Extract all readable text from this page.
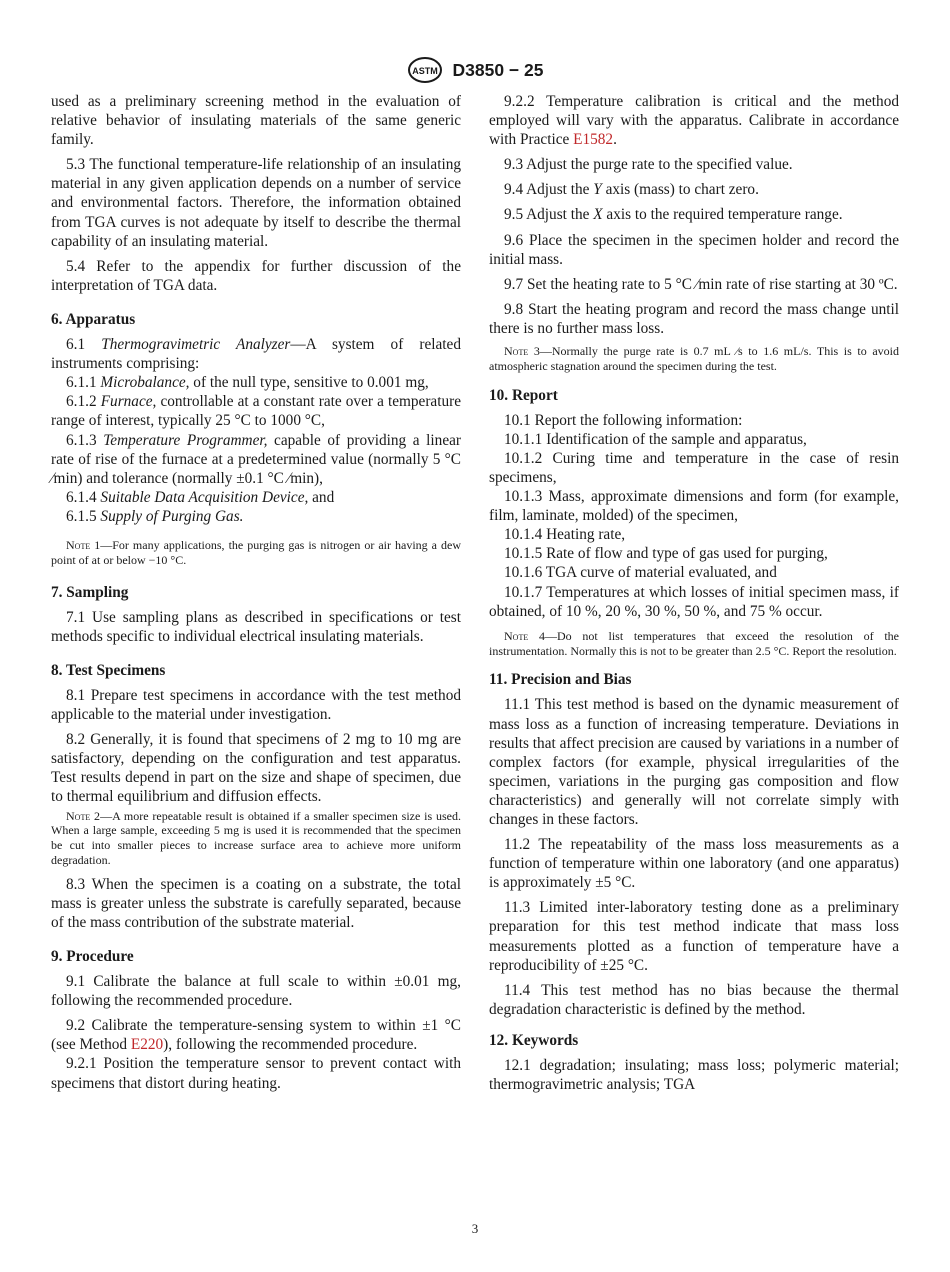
ASTM D3850 − 25

used as a preliminary screening method in the evaluation of relative behavior of insulating materials of the same generic family.

5.3 The functional temperature-life relationship of an insulating material in any given application depends on a number of service and environmental factors. Therefore, the information obtained from TGA curves is not adequate by itself to describe the thermal capability of an insulating material.

5.4 Refer to the appendix for further discussion of the interpretation of TGA data.

6. Apparatus

6.1 Thermogravimetric Analyzer—A system of related instruments comprising:

6.1.1 Microbalance, of the null type, sensitive to 0.001 mg,

6.1.2 Furnace, controllable at a constant rate over a temperature range of interest, typically 25 °C to 1000 °C,

6.1.3 Temperature Programmer, capable of providing a linear rate of rise of the furnace at a predetermined value (normally 5 °C ⁄min) and tolerance (normally ±0.1 °C ⁄min),

6.1.4 Suitable Data Acquisition Device, and

6.1.5 Supply of Purging Gas.

Note 1—For many applications, the purging gas is nitrogen or air having a dew point of at or below −10 °C.
7. Sampling

7.1 Use sampling plans as described in specifications or test methods specific to individual electrical insulating materials.

8. Test Specimens

8.1 Prepare test specimens in accordance with the test method applicable to the material under investigation.

8.2 Generally, it is found that specimens of 2 mg to 10 mg are satisfactory, depending on the configuration and test apparatus. Test results depend in part on the size and shape of specimen, due to thermal equilibrium and diffusion effects.

Note 2—A more repeatable result is obtained if a smaller specimen size is used. When a large sample, exceeding 5 mg is used it is recommended that the specimen be cut into smaller pieces to increase surface area to achieve more uniform degradation.

8.3 When the specimen is a coating on a substrate, the total mass is greater unless the substrate is carefully separated, because of the mass contribution of the substrate material.

9. Procedure

9.1 Calibrate the balance at full scale to within ±0.01 mg, following the recommended procedure.

9.2 Calibrate the temperature-sensing system to within ±1 °C (see Method E220), following the recommended procedure.

9.2.1 Position the temperature sensor to prevent contact with specimens that distort during heating.

9.2.2 Temperature calibration is critical and the method employed will vary with the apparatus. Calibrate in accordance with Practice E1582.

9.3 Adjust the purge rate to the specified value.

9.4 Adjust the Y axis (mass) to chart zero.

9.5 Adjust the X axis to the required temperature range.

9.6 Place the specimen in the specimen holder and record the initial mass.

9.7 Set the heating rate to 5 °C ⁄min rate of rise starting at 30 ºC.

9.8 Start the heating program and record the mass change until there is no further mass loss.

Note 3—Normally the purge rate is 0.7 mL ⁄s to 1.6 mL/s. This is to avoid atmospheric stagnation around the specimen during the test.
10. Report

10.1 Report the following information:

10.1.1 Identification of the sample and apparatus,

10.1.2 Curing time and temperature in the case of resin specimens,

10.1.3 Mass, approximate dimensions and form (for example, film, laminate, molded) of the specimen,

10.1.4 Heating rate,

10.1.5 Rate of flow and type of gas used for purging,

10.1.6 TGA curve of material evaluated, and

10.1.7 Temperatures at which losses of initial specimen mass, if obtained, of 10 %, 20 %, 30 %, 50 %, and 75 % occur.

Note 4—Do not list temperatures that exceed the resolution of the instrumentation. Normally this is not to be greater than 2.5 °C. Report the resolution.
11. Precision and Bias

11.1 This test method is based on the dynamic measurement of mass loss as a function of increasing temperature. Deviations in results that affect precision are caused by variations in a number of complex factors (for example, physical irregularities of the specimen, variations in the purging gas composition and flow characteristics) and generally will not correlate simply with changes in these factors.

11.2 The repeatability of the mass loss measurements as a function of temperature within one laboratory (and one apparatus) is approximately ±5 °C.

11.3 Limited inter-laboratory testing done as a preliminary preparation for this test method indicate that mass loss measurements plotted as a function of temperature have a reproducibility of ±25 °C.

11.4 This test method has no bias because the thermal degradation characteristic is defined by the method.

12. Keywords

12.1 degradation; insulating; mass loss; polymeric material; thermogravimetric analysis; TGA

3
